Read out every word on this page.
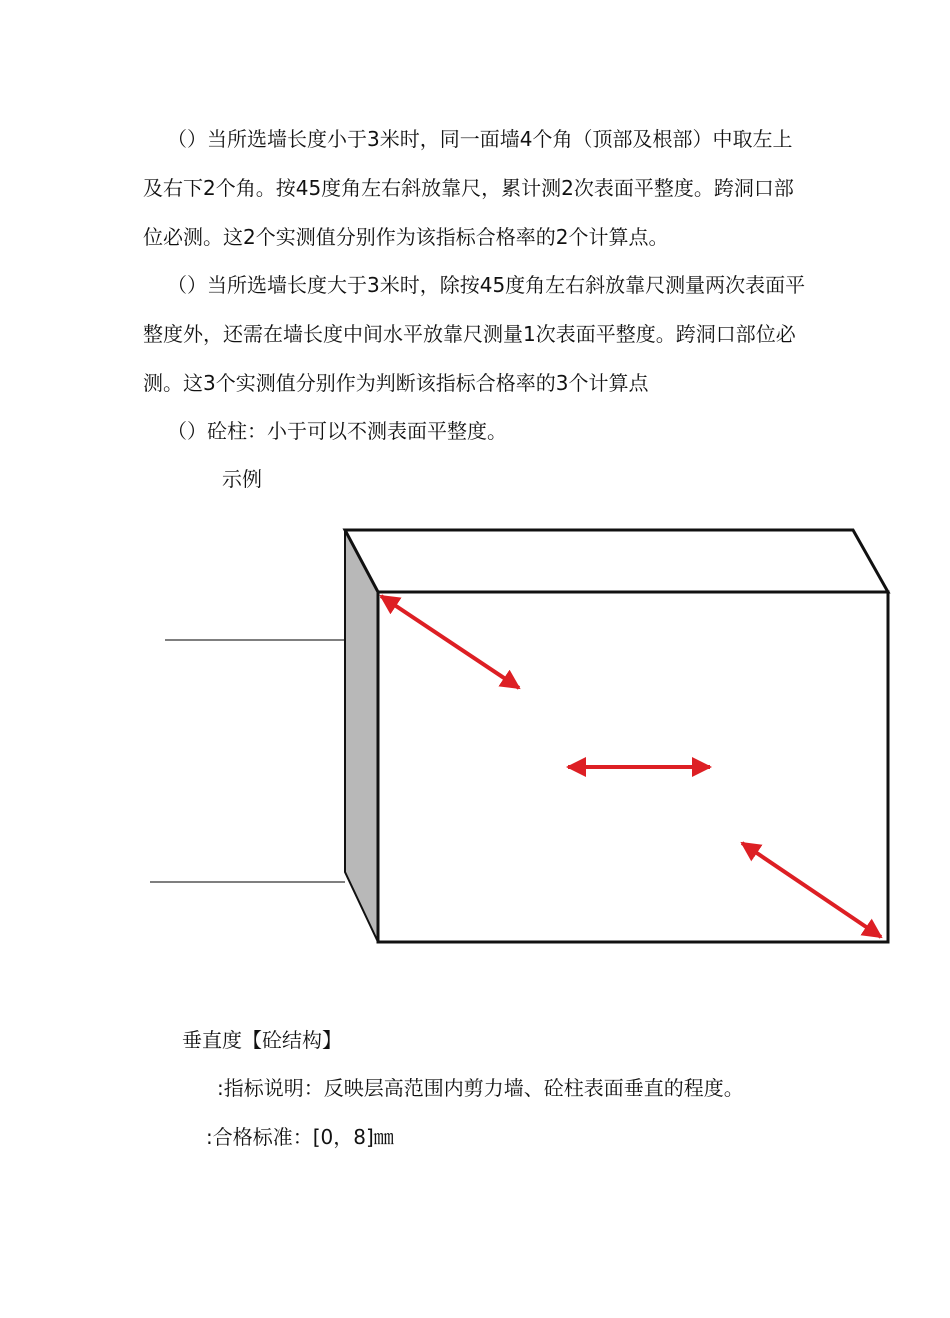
（）当所选墙长度小于3米时，同一面墙4个角（顶部及根部）中取左上
及右下2个角。按45度角左右斜放靠尺，累计测2次表面平整度。跨洞口部
位必测。这2个实测值分别作为该指标合格率的2个计算点。
（）当所选墙长度大于3米时，除按45度角左右斜放靠尺测量两次表面平
整度外，还需在墙长度中间水平放靠尺测量1次表面平整度。跨洞口部位必
测。这3个实测值分别作为判断该指标合格率的3个计算点
（）砼柱：小于可以不测表面平整度。
示例
垂直度【砼结构】
:指标说明：反映层高范围内剪力墙、砼柱表面垂直的程度。
:合格标准：[0，8]㎜
